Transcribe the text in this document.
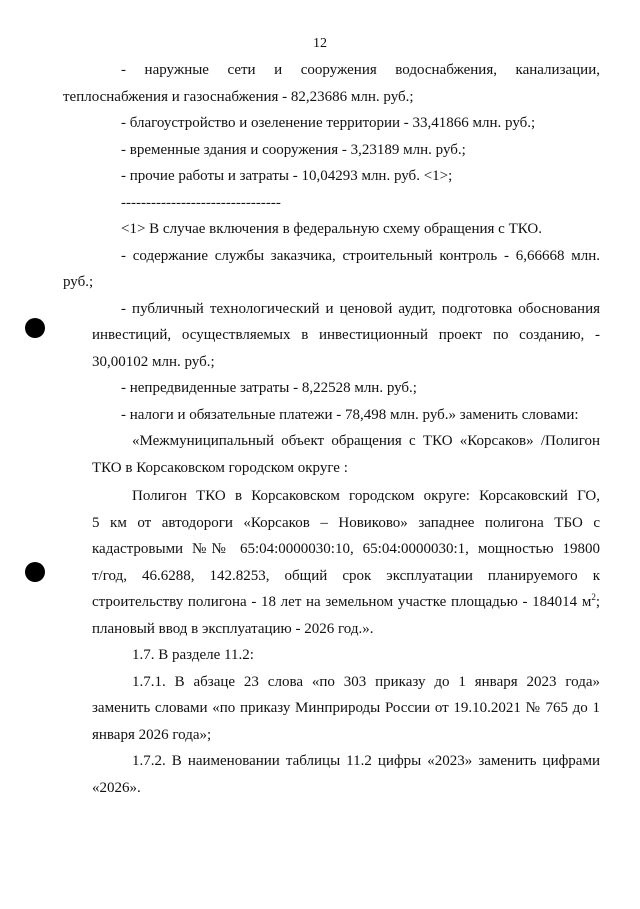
12

- наружные сети и сооружения водоснабжения, канализации,
теплоснабжения и газоснабжения - 82,23686 млн. руб.;

- благоустройство и озеленение территории - 33,41866 млн. руб.;

- временные здания и сооружения - 3,23189 млн. руб.;

- прочие работы и затраты - 10,04293 млн. руб. <1>;

--------------------------------

<1> В случае включения в федеральную схему обращения с ТКО.

- содержание службы заказчика, строительный контроль - 6,66668 млн.
руб.;

- публичный технологический и ценовой аудит, подготовка обоснования
инвестиций, осуществляемых в инвестиционный проект по созданию, -
30,00102 млн. руб.;

- непредвиденные затраты - 8,22528 млн. руб.;

- налоги и обязательные платежи - 78,498 млн. руб.» заменить словами:

«Межмуниципальный объект обращения с ТКО «Корсаков» /Полигон
ТКО в Корсаковском городском округе :

Полигон ТКО в Корсаковском городском округе: Корсаковский ГО,
5 км от автодороги «Корсаков – Новиково» западнее полигона ТБО с
кадастровыми №№ 65:04:0000030:10, 65:04:0000030:1, мощностью 19800
т/год, 46.6288, 142.8253, общий срок эксплуатации планируемого к
строительству полигона - 18 лет на земельном участке площадью - 184014 $м^2$;
плановый ввод в эксплуатацию - 2026 год.».

1.7. В разделе 11.2:

1.7.1. В абзаце 23 слова «по 303 приказу до 1 января 2023 года»
заменить словами «по приказу Минприроды России от 19.10.2021 № 765 до 1
января 2026 года»;

1.7.2. В наименовании таблицы 11.2 цифры «2023» заменить цифрами
«2026».
